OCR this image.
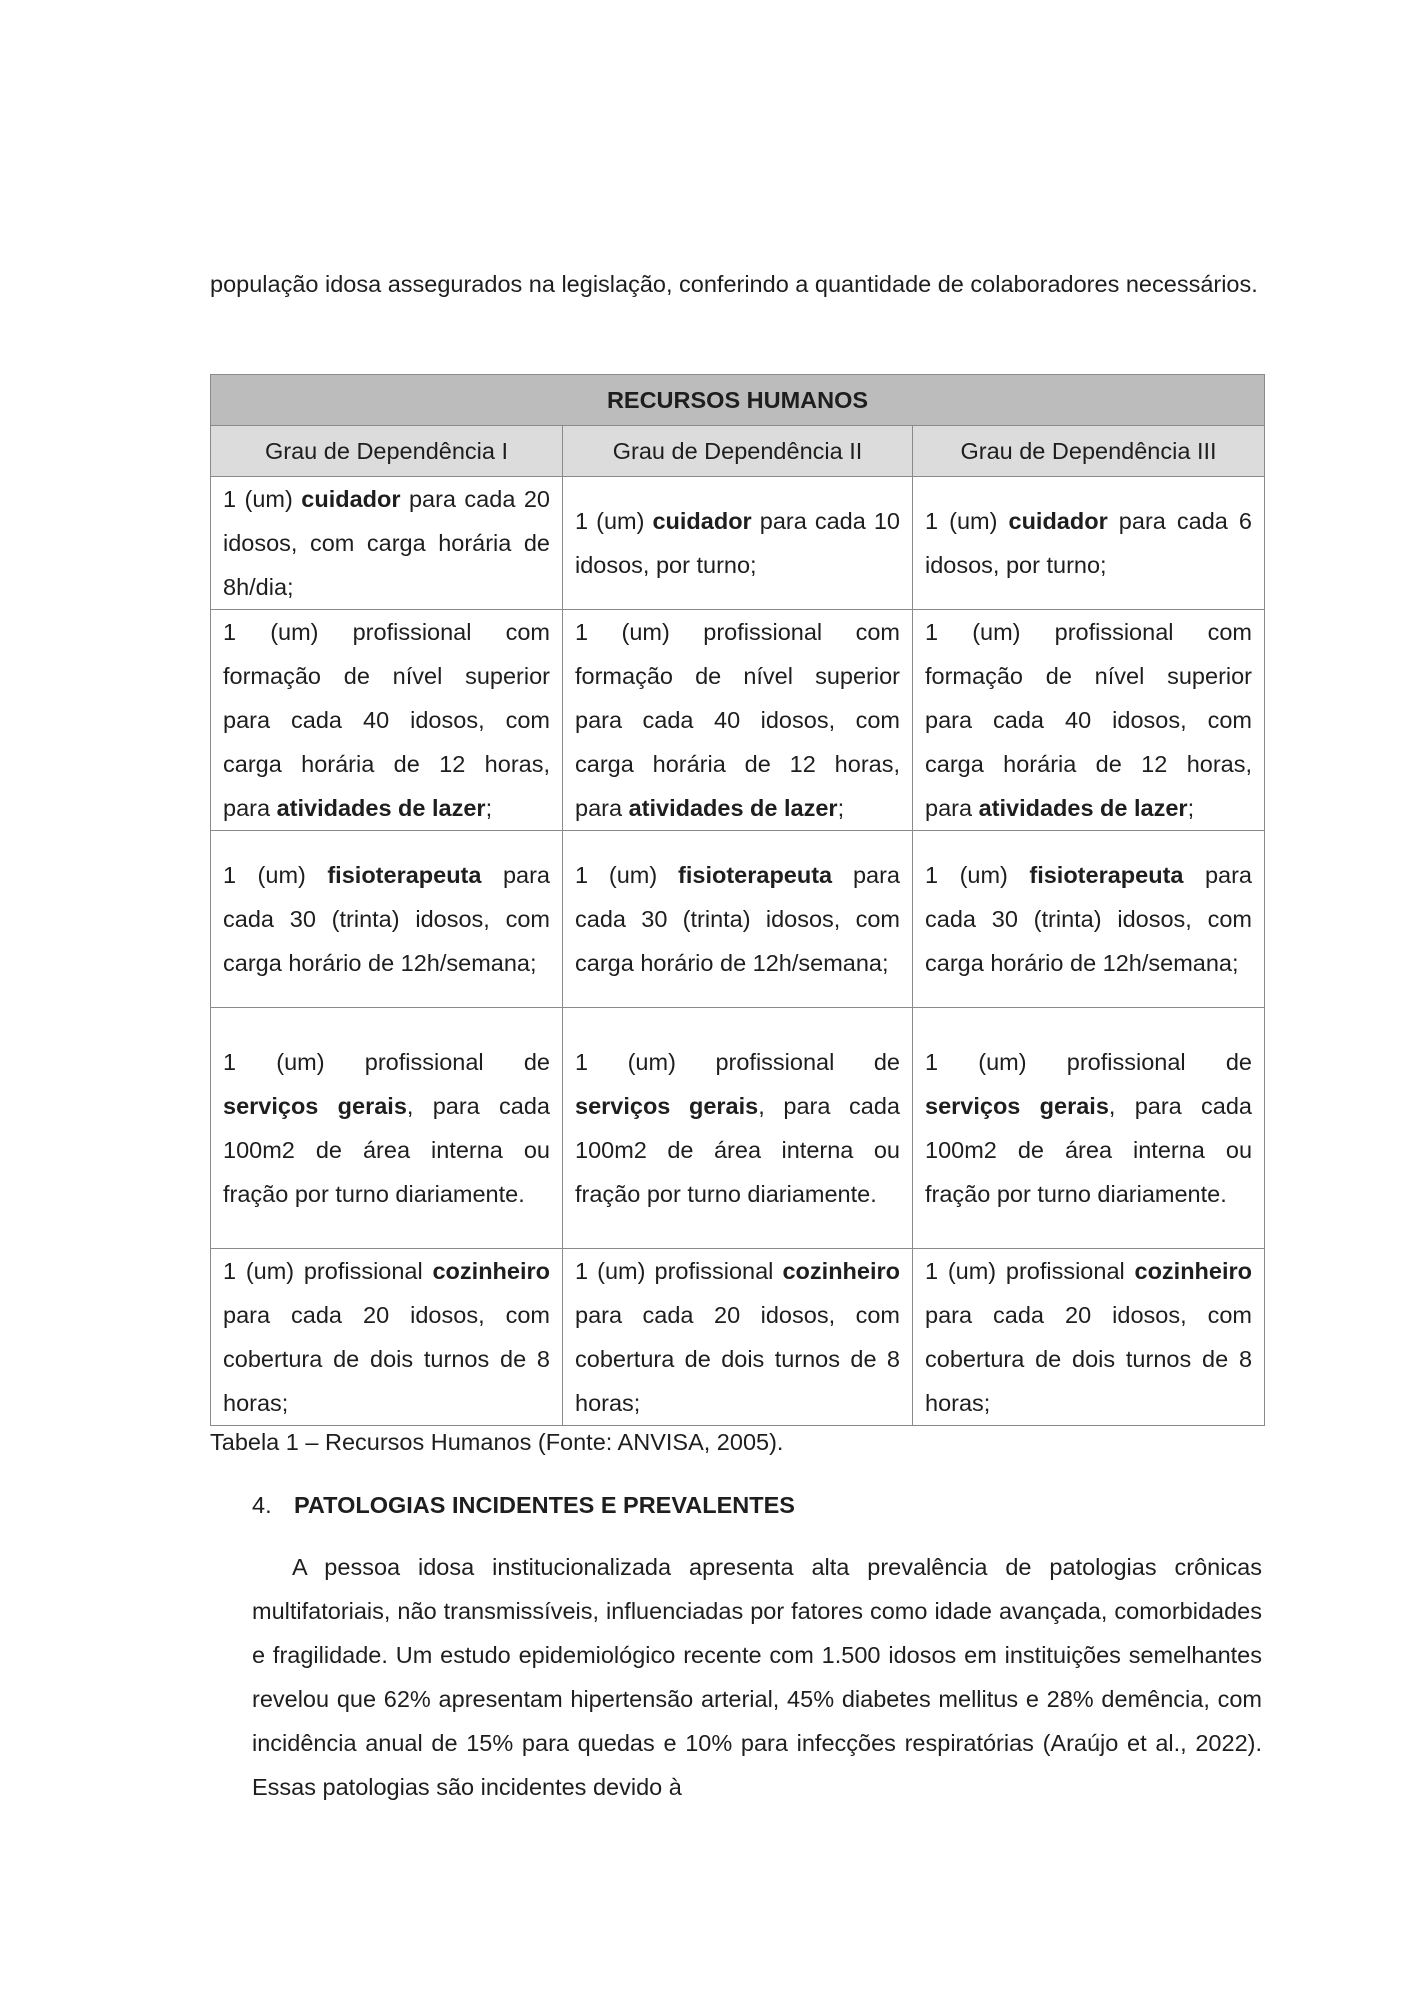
população idosa assegurados na legislação, conferindo a quantidade de colaboradores necessários.

RECURSOS HUMANOS		
Grau de Dependência I	Grau de Dependência II	Grau de Dependência III

1 (um) cuidador para cada 20 idosos, com carga horária de 8h/dia;	1 (um) cuidador para cada 10 idosos, por turno;	1 (um) cuidador para cada 6 idosos, por turno;

1 (um) profissional com formação de nível superior para cada 40 idosos, com carga horária de 12 horas, para atividades de lazer;	1 (um) profissional com formação de nível superior para cada 40 idosos, com carga horária de 12 horas, para atividades de lazer;	1 (um) profissional com formação de nível superior para cada 40 idosos, com carga horária de 12 horas, para atividades de lazer;

1 (um) fisioterapeuta para cada 30 (trinta) idosos, com carga horário de 12h/semana;	1 (um) fisioterapeuta para cada 30 (trinta) idosos, com carga horário de 12h/semana;	1 (um) fisioterapeuta para cada 30 (trinta) idosos, com carga horário de 12h/semana;

1 (um) profissional de serviços gerais, para cada 100m2 de área interna ou fração por turno diariamente.	1 (um) profissional de serviços gerais, para cada 100m2 de área interna ou fração por turno diariamente.	1 (um) profissional de serviços gerais, para cada 100m2 de área interna ou fração por turno diariamente.

1 (um) profissional cozinheiro para cada 20 idosos, com cobertura de dois turnos de 8 horas;	1 (um) profissional cozinheiro para cada 20 idosos, com cobertura de dois turnos de 8 horas;	1 (um) profissional cozinheiro para cada 20 idosos, com cobertura de dois turnos de 8 horas;
Tabela 1 – Recursos Humanos (Fonte: ANVISA, 2005).
4. PATOLOGIAS INCIDENTES E PREVALENTES

A pessoa idosa institucionalizada apresenta alta prevalência de patologias crônicas multifatoriais, não transmissíveis, influenciadas por fatores como idade avançada, comorbidades e fragilidade. Um estudo epidemiológico recente com 1.500 idosos em instituições semelhantes revelou que 62% apresentam hipertensão arterial, 45% diabetes mellitus e 28% demência, com incidência anual de 15% para quedas e 10% para infecções respiratórias (Araújo et al., 2022). Essas patologias são incidentes devido à
